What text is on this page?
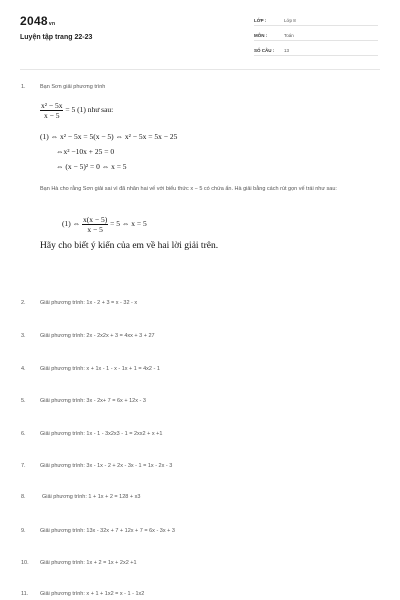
2048vn
Luyện tập trang 22-23
LỚP :	Lớp 8
MÔN :	Toán
SỐ CÂU : 13
1.	Bạn Sơn giải phương trình
$\frac{\text{x² − 5x}}{x - 5} = 5$ (1) như sau:
(1) ⇔ x² − 5x = 5(x − 5) ⇔ x² − 5x = 5x − 25
⇔x² −10x + 25 = 0
⇔ (x − 5)² = 0 ⇔ x = 5
Bạn Hà cho rằng Sơn giải sai vì đã nhân hai vế với biểu thức x − 5 có chứa ẩn. Hà giải bằng cách rút gọn vế trái như sau:
(1) ⇔ $\frac{x(x - 5)}{x - 5} = 5$ ⇔ x = 5
Hãy cho biết ý kiến của em về hai lời giải trên.
2.	Giải phương trình: 1x - 2 + 3 = x - 32 - x
3.	Giải phương trình: 2x - 2x2x + 3 = 4xx + 3 + 27
4.	Giải phương trình: x + 1x - 1 - x - 1x + 1 = 4x2 - 1
5.	Giải phương trình: 3x - 2x+ 7 = 6x + 12x - 3
6.	Giải phương trình: 1x - 1 - 3x2x3 - 1 = 2xx2 + x +1
7.	Giải phương trình: 3x - 1x - 2 + 2x - 3x - 1 = 1x - 2x - 3
8.	Giải phương trình: 1 + 1x + 2 = 128 + x3
9.	Giải phương trình: 13x - 32x + 7 + 12x + 7 = 6x - 3x + 3
10. Giải phương trình: 1x + 2 = 1x + 2x2 +1
11. Giải phương trình: x + 1 + 1x2 = x - 1 - 1x2
